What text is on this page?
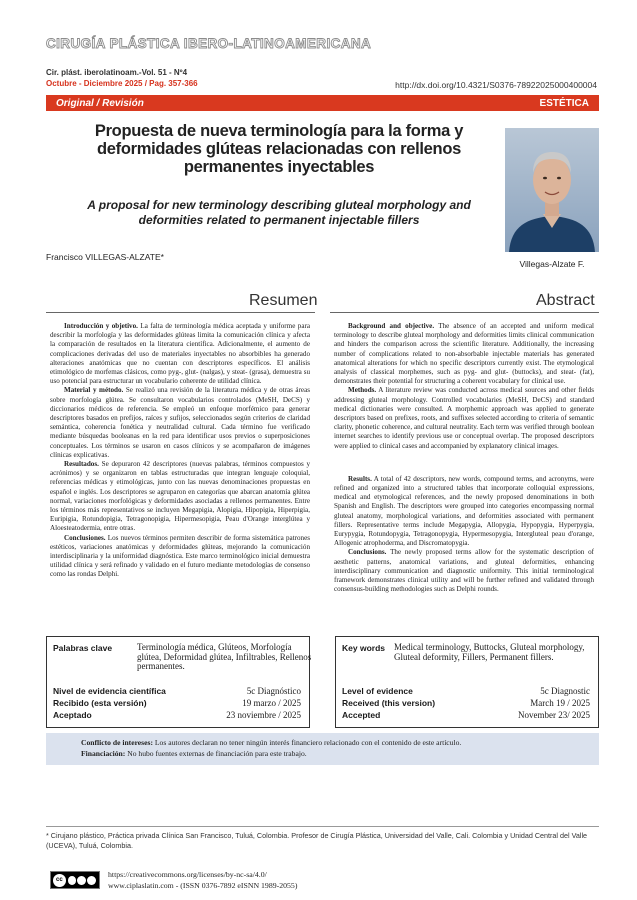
CIRUGÍA PLÁSTICA IBERO-LATINOAMERICANA
Cir. plást. iberolatinoam.-Vol. 51 - Nº4
Octubre - Diciembre 2025 / Pag. 357-366	http://dx.doi.org/10.4321/S0376-78922025000400004
Original / Revisión	ESTÉTICA
Propuesta de nueva terminología para la forma y deformidades glúteas relacionadas con rellenos permanentes inyectables
A proposal for new terminology describing gluteal morphology and deformities related to permanent injectable fillers
Francisco VILLEGAS-ALZATE*
Villegas-Alzate F.
Resumen	Abstract

Introducción y objetivo. La falta de terminología médica aceptada y uniforme para describir la morfología y las deformidades glúteas limita la comunicación clínica y afecta la comparación de resultados en la literatura científica. Adicionalmente, el aumento de complicaciones derivadas del uso de materiales inyectables no absorbibles ha generado alteraciones anatómicas que no cuentan con descriptores específicos. El análisis etimológico de morfemas clásicos, como pyg-, glut- (nalgas), y steat- (grasa), demuestra su uso potencial para estructurar un vocabulario coherente de utilidad clínica.

Material y método. Se realizó una revisión de la literatura médica y de otras áreas sobre morfología glútea. Se consultaron vocabularios controlados (MeSH, DeCS) y diccionarios médicos de referencia. Se empleó un enfoque morfémico para generar descriptores basados en prefijos, raíces y sufijos, seleccionados según criterios de claridad semántica, coherencia fonética y neutralidad cultural. Cada término fue verificado mediante búsquedas booleanas en la red para identificar usos previos o superposiciones conceptuales. Los términos se usaron en casos clínicos y se acompañaron de imágenes clínicas explicativas.

Resultados. Se depuraron 42 descriptores (nuevas palabras, términos compuestos y acrónimos) y se organizaron en tablas estructuradas que integran lenguaje coloquial, referencias médicas y etimológicas, junto con las nuevas denominaciones propuestas en español e inglés. Los descriptores se agruparon en categorías que abarcan anatomía glútea normal, variaciones morfológicas y deformidades asociadas a rellenos permanentes. Entre los términos más representativos se incluyen Megapigia, Alopigia, Hipopigia, Hiperpigia, Euripigia, Rotundopigia, Tetragonopigia, Hipermesopigia, Peau d'Orange interglútea y Aloesteatodermia, entre otras.

Conclusiones. Los nuevos términos permiten describir de forma sistemática patrones estéticos, variaciones anatómicas y deformidades glúteas, mejorando la comunicación interdisciplinaria y la uniformidad diagnóstica. Este marco terminológico inicial demuestra utilidad clínica y será refinado y validado en el futuro mediante metodologías de consenso como las rondas Delphi.

Background and objective. The absence of an accepted and uniform medical terminology to describe gluteal morphology and deformities limits clinical communication and hinders the comparison across the scientific literature. Additionally, the increasing number of complications related to non-absorbable injectable materials has generated anatomical alterations for which no specific descriptors currently exist. The etymological analysis of classical morphemes, such as pyg- and glut- (buttocks), and steat- (fat), demonstrates their potential for structuring a coherent vocabulary for clinical use.

Methods. A literature review was conducted across medical sources and other fields addressing gluteal morphology. Controlled vocabularies (MeSH, DeCS) and standard medical dictionaries were consulted. A morphemic approach was applied to generate descriptors based on prefixes, roots, and suffixes selected according to criteria of semantic clarity, phonetic coherence, and cultural neutrality. Each term was verified through boolean internet searches to identify previous use or conceptual overlap. The proposed descriptors were applied to clinical cases and accompanied by explanatory clinical images.

Results. A total of 42 descriptors, new words, compound terms, and acronyms, were refined and organized into a structured tables that incorporate colloquial expressions, medical and etymological references, and the newly proposed denominations in both Spanish and English. The descriptors were grouped into categories encompassing normal gluteal anatomy, morphological variations, and deformities associated with permanent fillers. Representative terms include Megapygia, Allopygia, Hypopygia, Hyperpygia, Eurypygia, Rotundopygia, Tetragonopygia, Hypermesopygia, Intergluteal peau d'orange, Allogenic atrophoderma, and Discromatopygia.

Conclusions. The newly proposed terms allow for the systematic description of aesthetic patterns, anatomical variations, and gluteal deformities, enhancing interdisciplinary communication and diagnostic uniformity. This initial terminological framework demonstrates clinical utility and will be further refined and validated through consensus-building methodologies such as Delphi rounds.

Palabras clave	Terminología médica, Glúteos, Morfología glútea, Deformidad glútea, Infiltrables, Rellenos permanentes.
Nivel de evidencia científica	5c Diagnóstico
Recibido (esta versión)	19 marzo / 2025
Aceptado	23 noviembre / 2025
Key words Medical terminology, Buttocks, Gluteal morphology, Gluteal deformity, Fillers, Permanent fillers.
Level of evidence	5c Diagnostic
Received (this version)	March 19 / 2025
Accepted	November 23/ 2025
Conflicto de intereses: Los autores declaran no tener ningún interés financiero relacionado con el contenido de este artículo.
Financiación: No hubo fuentes externas de financiación para este trabajo.
* Cirujano plástico, Práctica privada Clínica San Francisco, Tuluá, Colombia. Profesor de Cirugía Plástica, Universidad del Valle, Cali. Colombia y Unidad Central del Valle (UCEVA), Tuluá, Colombia.
cc
https://creativecommons.org/licenses/by-nc-sa/4.0/
www.ciplaslatin.com - (ISSN 0376-7892 eISNN 1989-2055)
